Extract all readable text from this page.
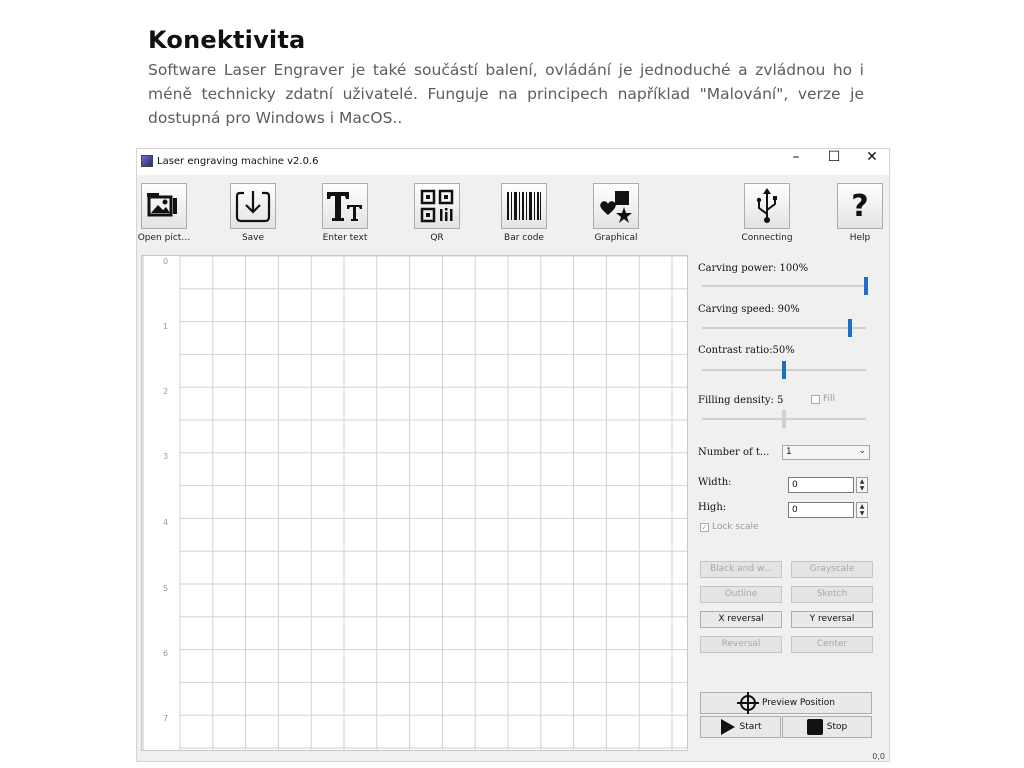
Konektivita

Software Laser Engraver je také součástí balení, ovládání je jednoduché a zvládnou ho i méně technicky zdatní uživatelé. Funguje na principech například "Malování", verze je dostupná pro Windows i MacOS..

Laser engraving machine v2.0.6	–	☐	✕
Open pict…	Save	Enter text	QR	Bar code	Graphical	Connecting
?
Help
0
1
2
3
4
5
6
7
Carving power: 100%
Carving speed: 90%
Contrast ratio:50%
Filling density: 5	Fill
Number of t...	1	⌄
Width:	0	▲
▼
High:	0	▲
▼
✓ Lock scale
Black and w...	Grayscale
Outline	Sketch
X reversal	Y reversal
Reversal	Center
Preview Position
Start	Stop
0,0
